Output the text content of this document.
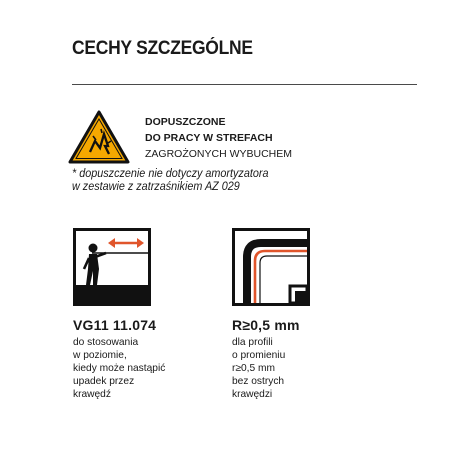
CECHY SZCZEGÓLNE
DOPUSZCZONE
DO PRACY W STREFACH
ZAGROŻONYCH WYBUCHEM
* dopuszczenie nie dotyczy amortyzatora
w zestawie z zatrzaśnikiem AZ 029
VG11 11.074
do stosowania
w poziomie,
kiedy może nastąpić
upadek przez
krawędź
R≥0,5 mm
dla profili
o promieniu
r≥0,5 mm
bez ostrych
krawędzi
